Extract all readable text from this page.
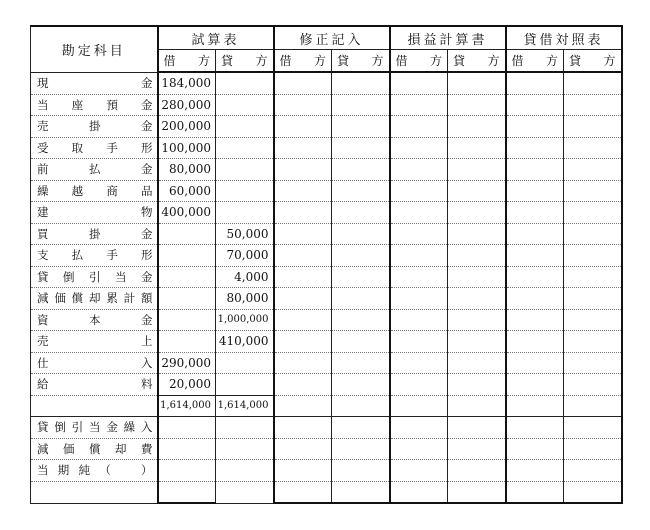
勘定科目	試算表		修正記入		損益計算書		貸借対照表	

	借 方	貸 方	借 方	貸 方	借 方	貸 方	借 方	貸 方

現金	184,000							
当座預金	280,000							
売掛金	200,000							
受取手形	100,000							
前払金	80,000							
繰越商品	60,000							
建物	400,000							
買掛金		50,000						
支払手形		70,000						
貸倒引当金		4,000						
減価償却累計額		80,000						
資本金		1,000,000						
売上		410,000						
仕入	290,000							
給料	20,000							
	1,614,000	1,614,000						
貸倒引当金繰入								
減価償却費								
当期純（　）								
